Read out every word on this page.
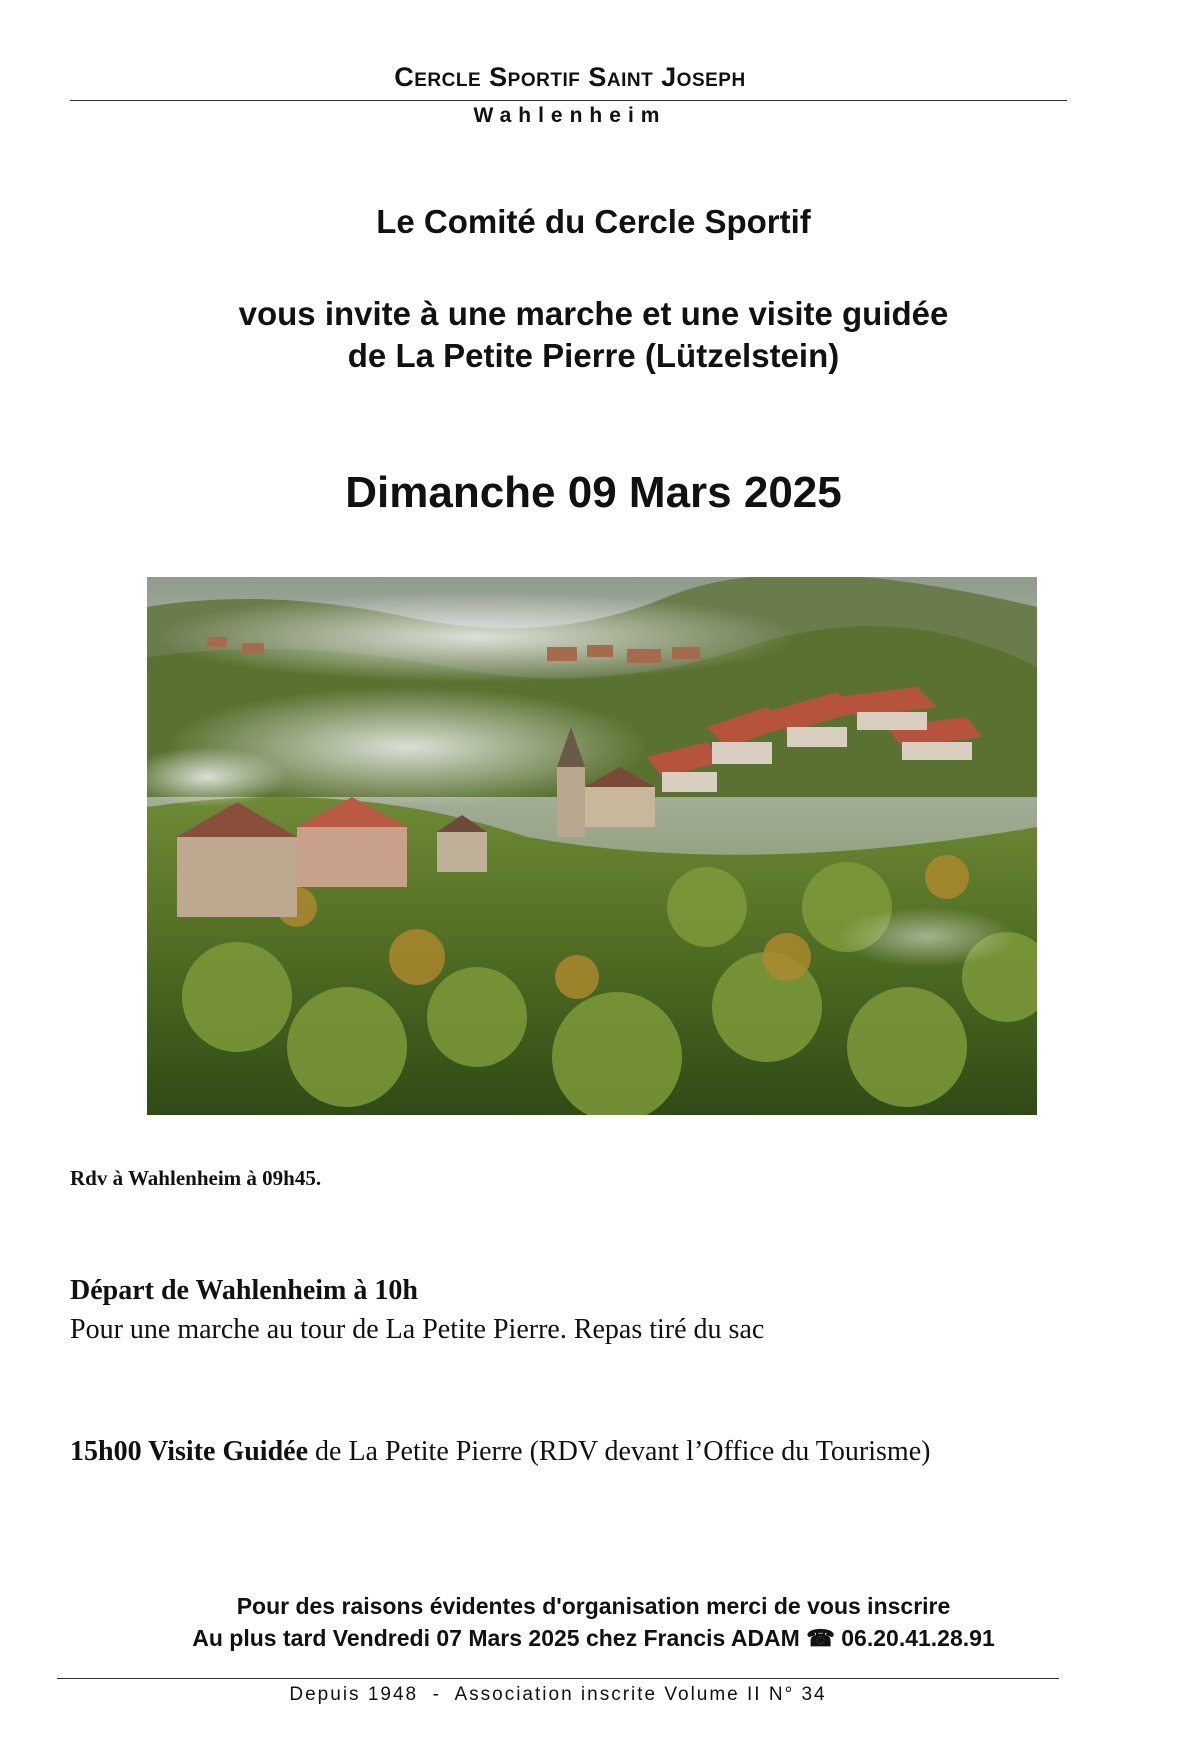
Cercle Sportif Saint Joseph
Wahlenheim
Le Comité du Cercle Sportif
vous invite à une marche et une visite guidée
de La Petite Pierre (Lützelstein)
Dimanche 09 Mars 2025
Rdv à Wahlenheim à 09h45.
Départ de Wahlenheim à 10h
Pour une marche au tour de La Petite Pierre. Repas tiré du sac
15h00 Visite Guidée de La Petite Pierre (RDV devant l’Office du Tourisme)
Pour des raisons évidentes d'organisation merci de vous inscrire
Au plus tard Vendredi 07 Mars 2025 chez Francis ADAM ☎ 06.20.41.28.91
Depuis 1948  -  Association inscrite Volume II N° 34
